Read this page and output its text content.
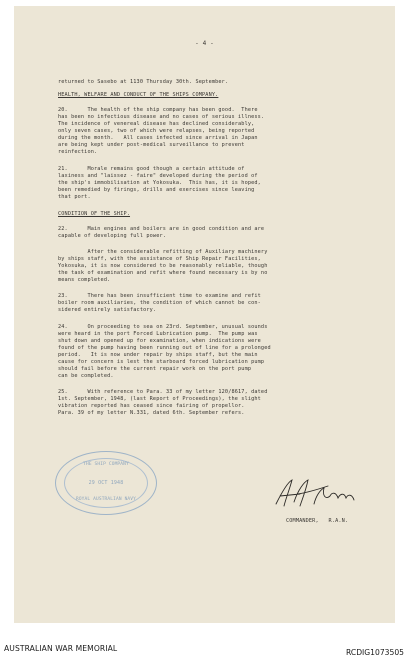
- 4 -
returned to Sasebo at 1130 Thursday 30th. September.
HEALTH, WELFARE AND CONDUCT OF THE SHIPS COMPANY.
20.      The health of the ship company has been good.  There
has been no infectious disease and no cases of serious illness.
The incidence of venereal disease has declined considerably,
only seven cases, two of which were relapses, being reported
during the month.   All cases infected since arrival in Japan
are being kept under post-medical surveillance to prevent
reinfection.
21.      Morale remains good though a certain attitude of
laxiness and "laissez - faire" developed during the period of
the ship's immobilisation at Yokosuka.  This has, it is hoped,
been remedied by firings, drills and exercises since leaving
that port.
CONDITION OF THE SHIP.
22.      Main engines and boilers are in good condition and are
capable of developing full power.
After the considerable refitting of Auxiliary machinery
by ships staff, with the assistance of Ship Repair Facilities,
Yokosuka, it is now considered to be reasonably reliable, though
the task of examination and refit where found necessary is by no
means completed.
23.      There has been insufficient time to examine and refit
boiler room auxiliaries, the condition of which cannot be con-
sidered entirely satisfactory.
24.      On proceeding to sea on 23rd. September, unusual sounds
were heard in the port Forced Lubrication pump.  The pump was
shut down and opened up for examination, when indications were
found of the pump having been running out of line for a prolonged
period.   It is now under repair by ships staff, but the main
cause for concern is lest the starboard forced lubrication pump
should fail before the current repair work on the port pump
can be completed.
25.      With reference to Para. 33 of my letter 120/8617, dated
1st. September, 1948, (last Report of Proceedings), the slight
vibration reported has ceased since fairing of propellor.
Para. 39 of my letter N.331, dated 6th. September refers.
THE SHIP COMPANY
29 OCT 1948
ROYAL AUSTRALIAN NAVY
COMMANDER,   R.A.N.
AUSTRALIAN WAR MEMORIAL	RCDIG1073505
